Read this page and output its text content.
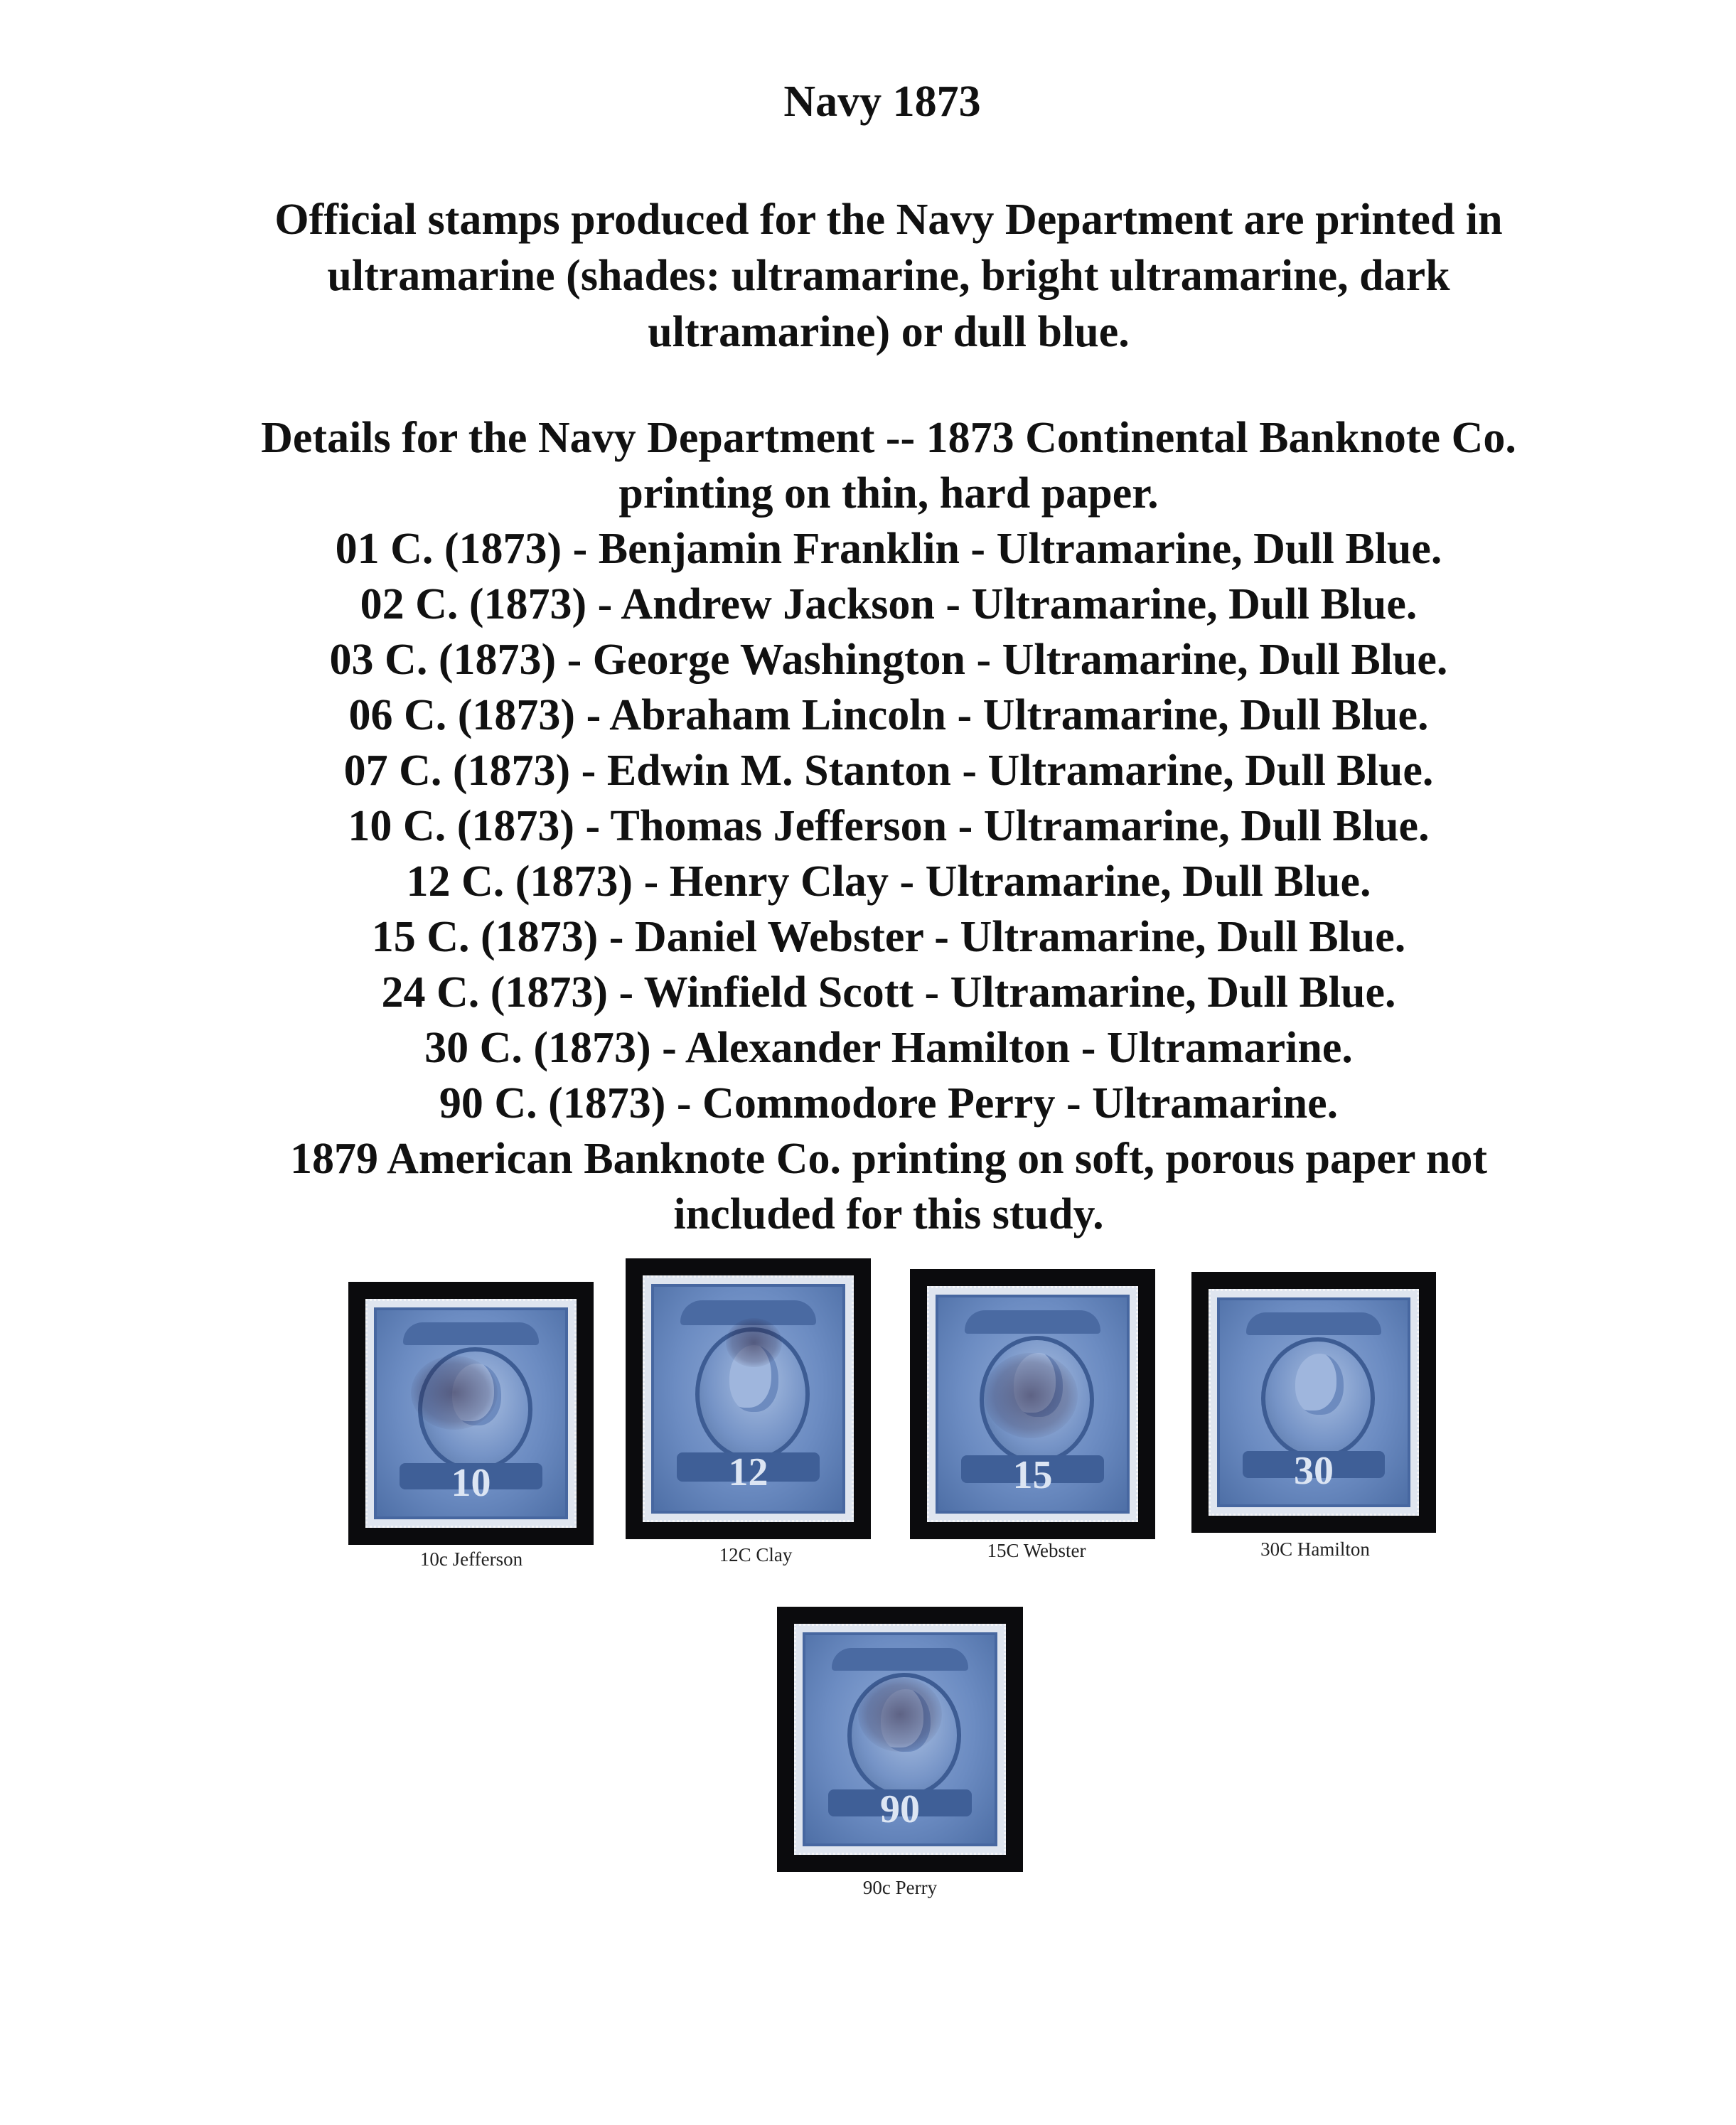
Navy 1873

Official stamps produced for the Navy Department are printed in ultramarine (shades: ultramarine, bright ultramarine, dark ultramarine) or dull blue.

Details for the Navy Department -- 1873 Continental Banknote Co. printing on thin, hard paper.

01 C. (1873) - Benjamin Franklin - Ultramarine, Dull Blue.
02 C. (1873) - Andrew Jackson - Ultramarine, Dull Blue.
03 C. (1873) - George Washington - Ultramarine, Dull Blue.
06 C. (1873) - Abraham Lincoln - Ultramarine, Dull Blue.
07 C. (1873) - Edwin M. Stanton - Ultramarine, Dull Blue.
10 C. (1873) - Thomas Jefferson - Ultramarine, Dull Blue.
12 C. (1873) - Henry Clay - Ultramarine, Dull Blue.
15 C. (1873) - Daniel Webster - Ultramarine, Dull Blue.
24 C. (1873) - Winfield Scott - Ultramarine, Dull Blue.
30 C. (1873) - Alexander Hamilton - Ultramarine.
90 C. (1873) - Commodore Perry - Ultramarine.

1879 American Banknote Co. printing on soft, porous paper not included for this study.

10
10c Jefferson
12
12C Clay
15
15C Webster
30
30C Hamilton
90
90c Perry
